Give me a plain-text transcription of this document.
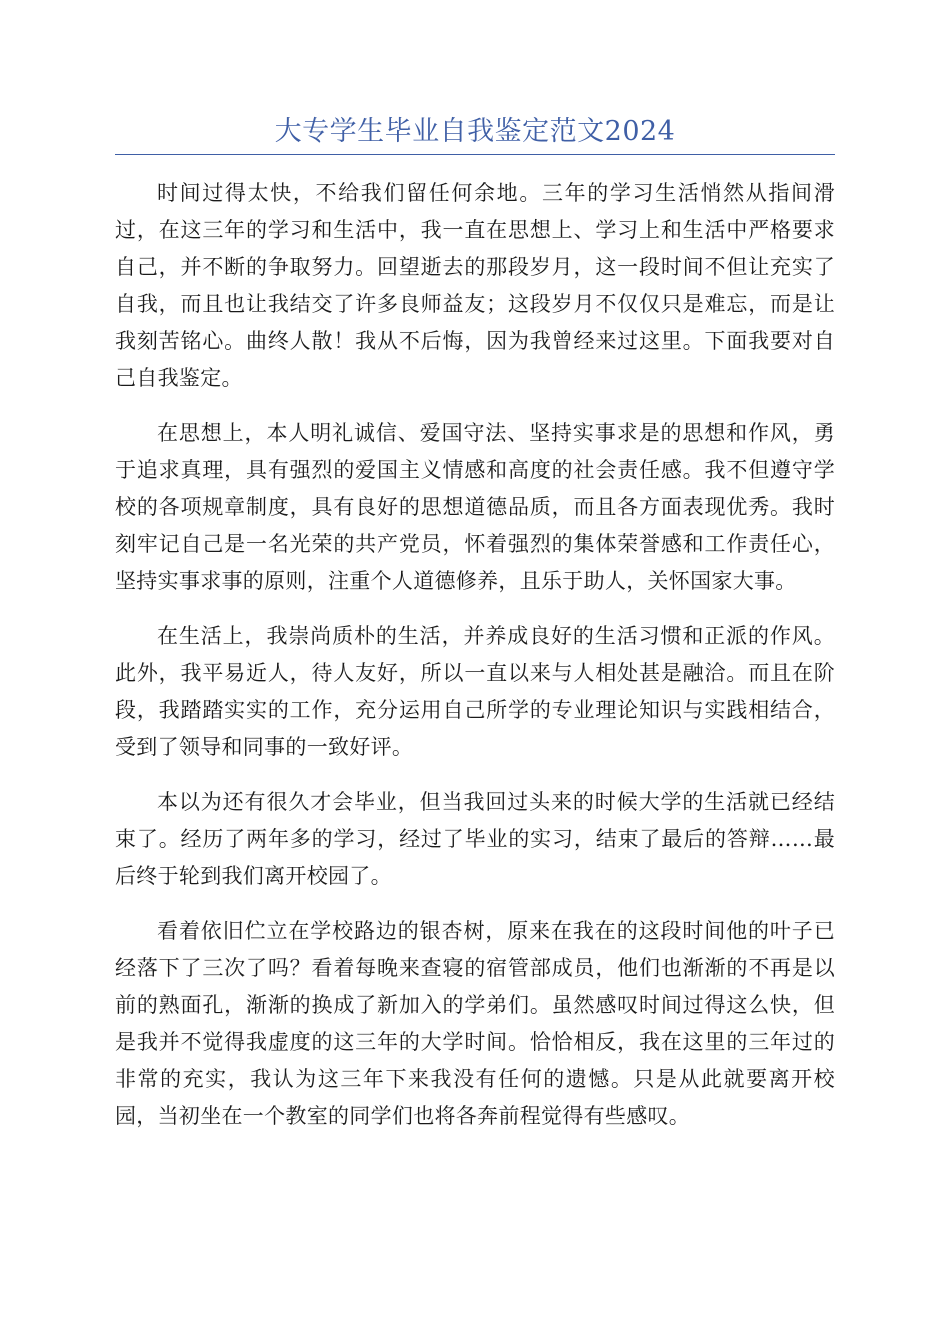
大专学生毕业自我鉴定范文2024

时间过得太快，不给我们留任何余地。三年的学习生活悄然从指间滑过，在这三年的学习和生活中，我一直在思想上、学习上和生活中严格要求自己，并不断的争取努力。回望逝去的那段岁月，这一段时间不但让充实了自我，而且也让我结交了许多良师益友；这段岁月不仅仅只是难忘，而是让我刻苦铭心。曲终人散！我从不后悔，因为我曾经来过这里。下面我要对自己自我鉴定。

在思想上，本人明礼诚信、爱国守法、坚持实事求是的思想和作风，勇于追求真理，具有强烈的爱国主义情感和高度的社会责任感。我不但遵守学校的各项规章制度，具有良好的思想道德品质，而且各方面表现优秀。我时刻牢记自己是一名光荣的共产党员，怀着强烈的集体荣誉感和工作责任心，坚持实事求事的原则，注重个人道德修养，且乐于助人，关怀国家大事。

在生活上，我崇尚质朴的生活，并养成良好的生活习惯和正派的作风。此外，我平易近人，待人友好，所以一直以来与人相处甚是融洽。而且在阶段，我踏踏实实的工作，充分运用自己所学的专业理论知识与实践相结合，受到了领导和同事的一致好评。

本以为还有很久才会毕业，但当我回过头来的时候大学的生活就已经结束了。经历了两年多的学习，经过了毕业的实习，结束了最后的答辩……最后终于轮到我们离开校园了。

看着依旧伫立在学校路边的银杏树，原来在我在的这段时间他的叶子已经落下了三次了吗？看着每晚来查寝的宿管部成员，他们也渐渐的不再是以前的熟面孔，渐渐的换成了新加入的学弟们。虽然感叹时间过得这么快，但是我并不觉得我虚度的这三年的大学时间。恰恰相反，我在这里的三年过的非常的充实，我认为这三年下来我没有任何的遗憾。只是从此就要离开校园，当初坐在一个教室的同学们也将各奔前程觉得有些感叹。
